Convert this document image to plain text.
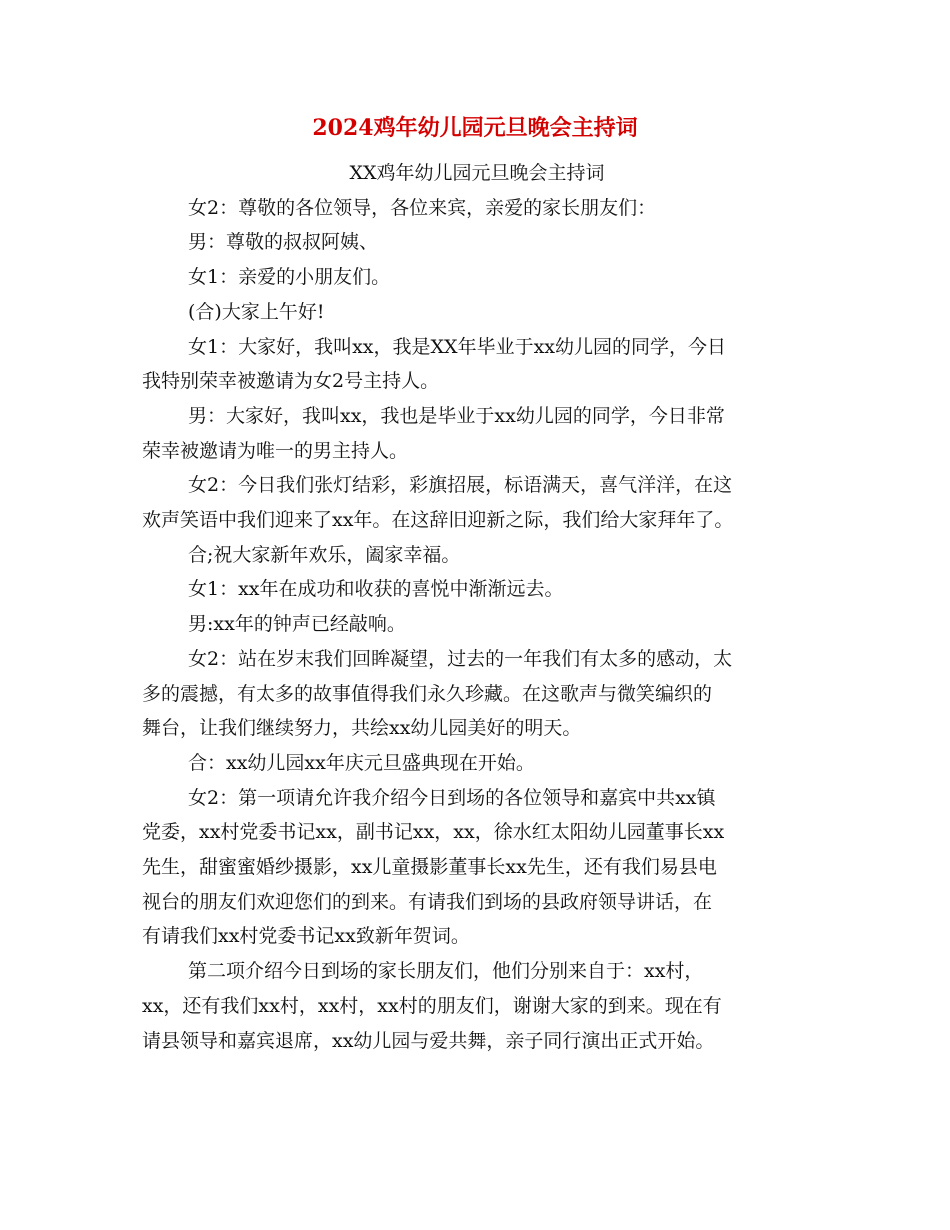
2024鸡年幼儿园元旦晚会主持词

XX鸡年幼儿园元旦晚会主持词

女2：尊敬的各位领导，各位来宾，亲爱的家长朋友们：

男：尊敬的叔叔阿姨、

女1：亲爱的小朋友们。

(合)大家上午好!

女1：大家好，我叫xx，我是XX年毕业于xx幼儿园的同学，今日
我特别荣幸被邀请为女2号主持人。

男：大家好，我叫xx，我也是毕业于xx幼儿园的同学，今日非常
荣幸被邀请为唯一的男主持人。

女2：今日我们张灯结彩，彩旗招展，标语满天，喜气洋洋，在这
欢声笑语中我们迎来了xx年。在这辞旧迎新之际，我们给大家拜年了。

合;祝大家新年欢乐，阖家幸福。

女1：xx年在成功和收获的喜悦中渐渐远去。

男:xx年的钟声已经敲响。

女2：站在岁末我们回眸凝望，过去的一年我们有太多的感动，太
多的震撼，有太多的故事值得我们永久珍藏。在这歌声与微笑编织的
舞台，让我们继续努力，共绘xx幼儿园美好的明天。

合：xx幼儿园xx年庆元旦盛典现在开始。

女2：第一项请允许我介绍今日到场的各位领导和嘉宾中共xx镇
党委，xx村党委书记xx，副书记xx，xx，徐水红太阳幼儿园董事长xx
先生，甜蜜蜜婚纱摄影，xx儿童摄影董事长xx先生，还有我们易县电
视台的朋友们欢迎您们的到来。有请我们到场的县政府领导讲话，在
有请我们xx村党委书记xx致新年贺词。

第二项介绍今日到场的家长朋友们，他们分别来自于：xx村，
xx，还有我们xx村，xx村，xx村的朋友们，谢谢大家的到来。现在有
请县领导和嘉宾退席，xx幼儿园与爱共舞，亲子同行演出正式开始。
